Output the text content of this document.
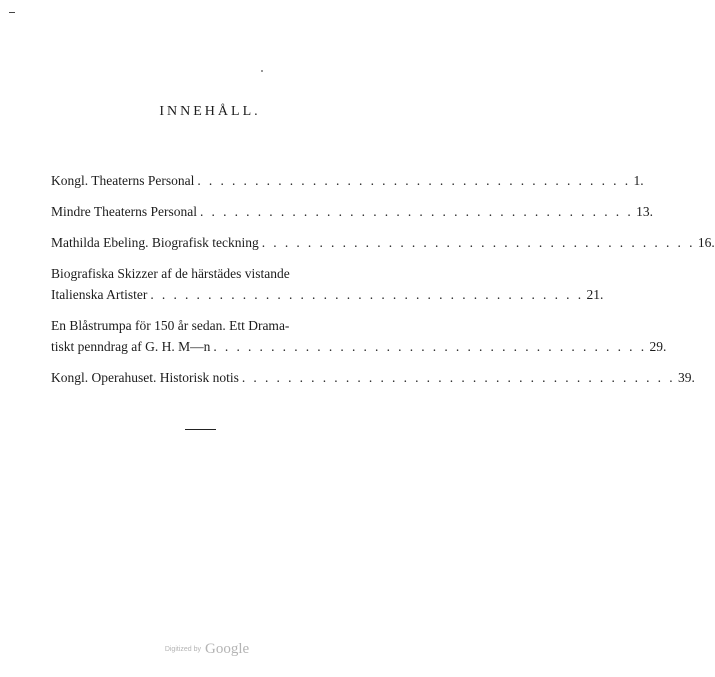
INNEHÅLL.
Kongl. Theaterns Personal . . . . . . . . . . . . . . . . . . . . . . . . . . . . . . . . . . . . . . 1.
Mindre Theaterns Personal . . . . . . . . . . . . . . . . . . . . . . . . . . . . . . . . . . . . . . 13.
Mathilda Ebeling. Biografisk teckning . . . . . . . . . . . . . . . . . . . . . . . . . . . . . . . . . . . . . . 16.
Biografiska Skizzer af de härstädes vistande
Italienska Artister . . . . . . . . . . . . . . . . . . . . . . . . . . . . . . . . . . . . . . 21.
En Blåstrumpa för 150 år sedan. Ett Drama-
tiskt penndrag af G. H. M—n . . . . . . . . . . . . . . . . . . . . . . . . . . . . . . . . . . . . . . 29.
Kongl. Operahuset. Historisk notis . . . . . . . . . . . . . . . . . . . . . . . . . . . . . . . . . . . . . . 39.
Digitized by Google
